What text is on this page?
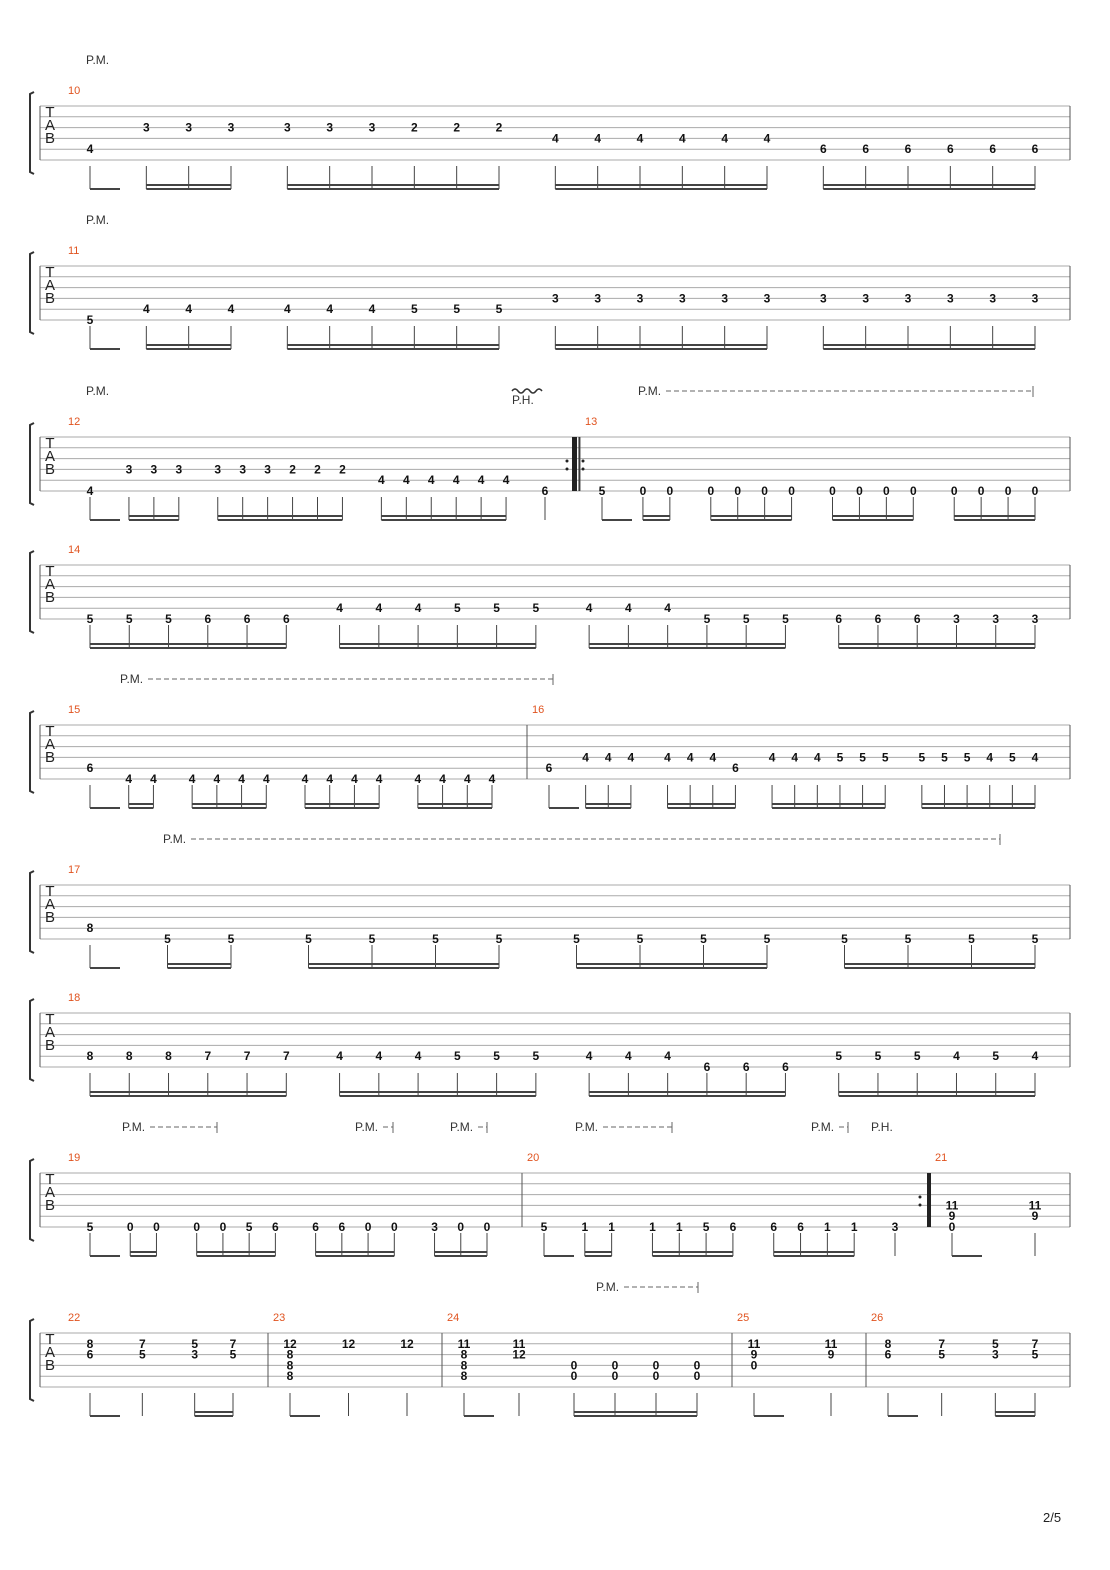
T
A
B
P.M.
10
4
3	3	3	3	3	3	2	2	2
4	4	4	4	4	4
6	6	6	6	6	6
T
A
B
P.M.
11
5
4	4	4	4	4	4	5	5	5
3	3	3	3	3	3	3	3	3	3	3	3
T
A
B
P.M.
P.H.
P.M.
12
4
3 3 3	3 3 3 2 2 2
4 4 4 4 4 4
6
13
5	0 0	0 0 0 0	0 0 0 0	0 0 0 0
T
A
B
14
5	5	5	6	6	6
4	4	4	5	5	5	4	4	4
5	5	5	6	6	6	3	3	3
T
A
B
P.M.
15
6
4 4	4 4 4 4	4 4 4 4	4 4 4 4
16
6
4 4 4 4 4 4
6
4 4 4 5 5 5 5 5 5 4 5 4
T
A
B
P.M.
17
8
5	5	5	5	5	5	5	5	5	5	5	5	5	5
T
A
B
18
8	8	8	7	7	7	4	4	4	5	5	5	4	4	4
6	6	6
5	5	5	4	5	4
T
A
B
P.M.	P.M.	P.M.	P.M.	P.M.	P.H.
19
5	0 0	0 0 5 6	6 6 0 0	3 0 0
20
5	1 1	1 1 5 6	6 6 1 1	3
21
11
9
0
11
9
T
A
B
P.M.
22
8
6
7
5
5
3
7
5
23
12
8
8
8
12	12
24
11
8
8
8
11
12
0
0
0
0
0
0
0
0
25
11
9
0
11
9
26
8
6
7
5
5
3
7
5
2/5
